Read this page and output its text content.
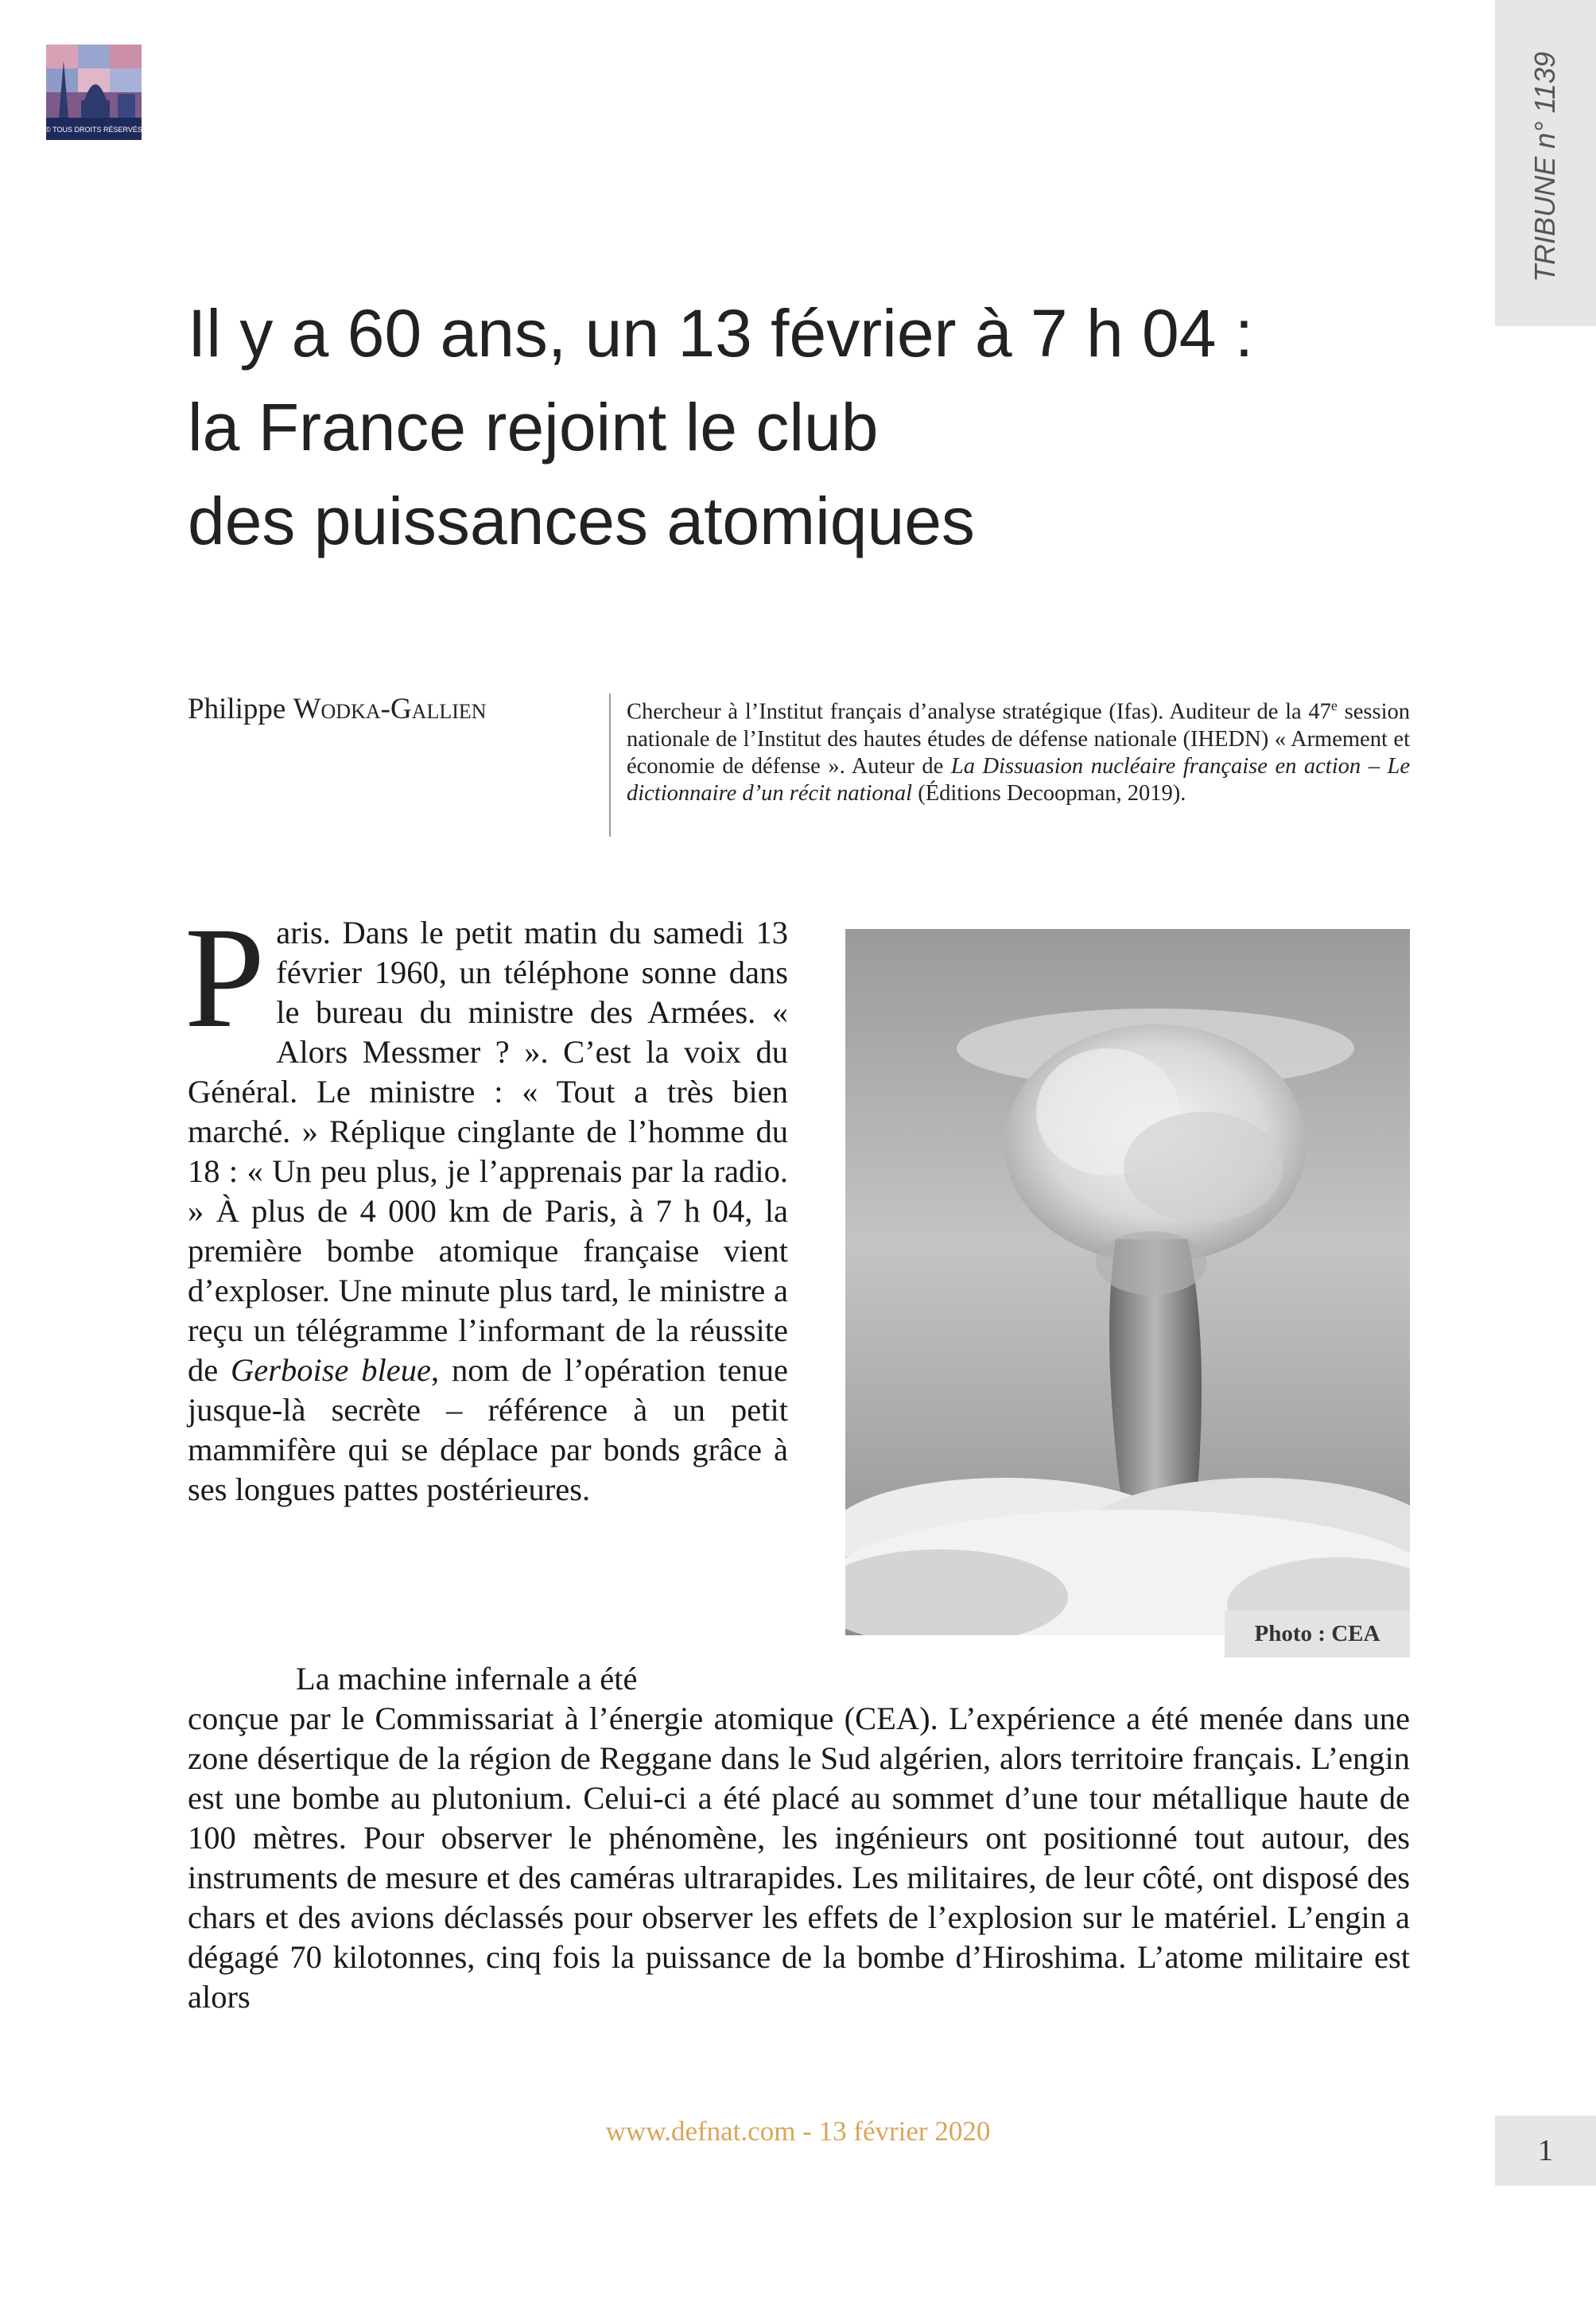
© TOUS DROITS RÉSERVÉS	TRIBUNE n° 1139
Il y a 60 ans, un 13 février à 7 h 04 :
la France rejoint le club
des puissances atomiques
Philippe Wodka-Gallien	Chercheur à l’Institut français d’analyse stratégique (Ifas). Auditeur de la 47e session nationale de l’Institut des hautes études de défense nationale (IHEDN) « Armement et économie de défense ». Auteur de La Dissuasion nucléaire française en action – Le dictionnaire d’un récit national (Éditions Decoopman, 2019).
Paris. Dans le petit matin du samedi 13 février 1960, un téléphone sonne dans le bureau du ministre des Armées. « Alors Messmer ? ». C’est la voix du Général. Le ministre : « Tout a très bien marché. » Réplique cinglante de l’homme du 18 : « Un peu plus, je l’apprenais par la radio. » À plus de 4 000 km de Paris, à 7 h 04, la première bombe atomique française vient d’exploser. Une minute plus tard, le ministre a reçu un télégramme l’informant de la réussite de Gerboise bleue, nom de l’opération tenue jusque-là secrète – référence à un petit mammifère qui se déplace par bonds grâce à ses longues pattes postérieures.
Photo : CEA
La machine infernale a été
conçue par le Commissariat à l’énergie atomique (CEA). L’expérience a été menée dans une zone désertique de la région de Reggane dans le Sud algérien, alors territoire français. L’engin est une bombe au plutonium. Celui-ci a été placé au sommet d’une tour métallique haute de 100 mètres. Pour observer le phénomène, les ingénieurs ont positionné tout autour, des instruments de mesure et des caméras ultrarapides. Les militaires, de leur côté, ont disposé des chars et des avions déclassés pour observer les effets de l’explosion sur le matériel. L’engin a dégagé 70 kilotonnes, cinq fois la puissance de la bombe d’Hiroshima. L’atome militaire est alors
www.defnat.com - 13 février 2020
1
